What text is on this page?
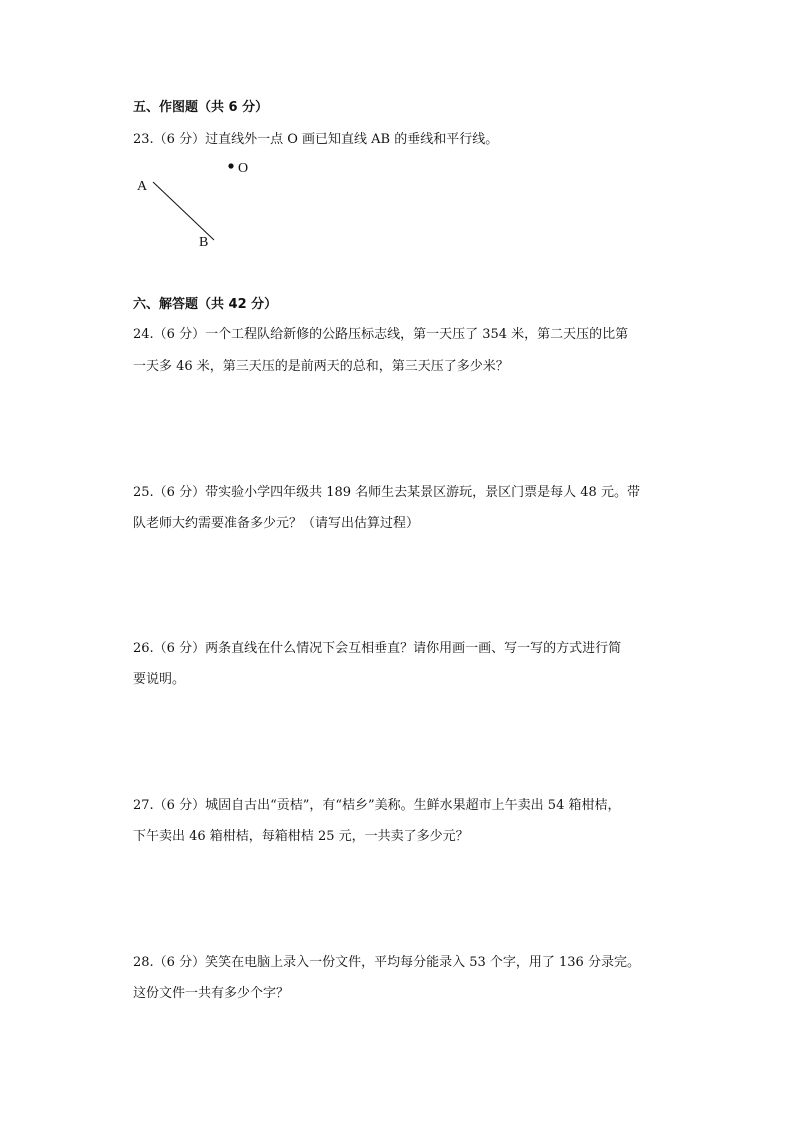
五、作图题（共 6 分）
23.（6 分）过直线外一点 O 画已知直线 AB 的垂线和平行线。
A
B
O
六、解答题（共 42 分）
24.（6 分）一个工程队给新修的公路压标志线，第一天压了 354 米，第二天压的比第
一天多 46 米，第三天压的是前两天的总和，第三天压了多少米？
25.（6 分）带实验小学四年级共 189 名师生去某景区游玩，景区门票是每人 48 元。带
队老师大约需要准备多少元？（请写出估算过程）
26.（6 分）两条直线在什么情况下会互相垂直？请你用画一画、写一写的方式进行简
要说明。
27.（6 分）城固自古出“贡桔”，有“桔乡”美称。生鲜水果超市上午卖出 54 箱柑桔，
下午卖出 46 箱柑桔，每箱柑桔 25 元，一共卖了多少元？
28.（6 分）笑笑在电脑上录入一份文件，平均每分能录入 53 个字，用了 136 分录完。
这份文件一共有多少个字？
